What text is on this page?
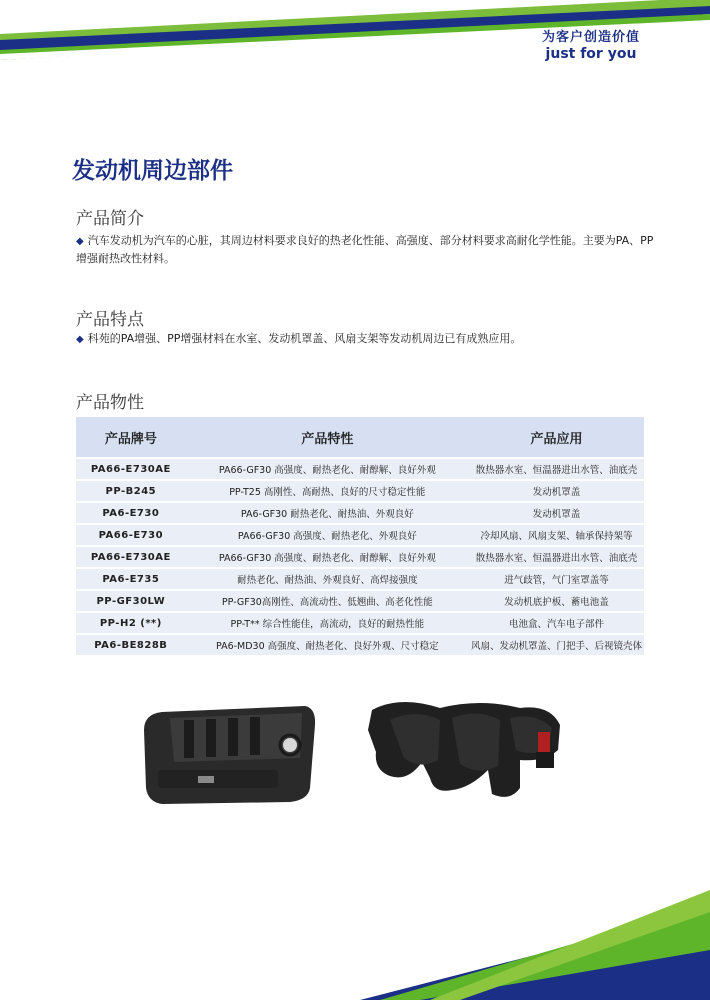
为客户创造价值
just for you
发动机周边部件
产品简介
◆ 汽车发动机为汽车的心脏，其周边材料要求良好的热老化性能、高强度、部分材料要求高耐化学性能。主要为PA、PP增强耐热改性材料。
产品特点
◆ 科苑的PA增强、PP增强材料在水室、发动机罩盖、风扇支架等发动机周边已有成熟应用。
产品物性
产品牌号	产品特性	产品应用
PA66-E730AE	PA66-GF30 高强度、耐热老化、耐醇解、良好外观	散热器水室、恒温器进出水管、油底壳
PP-B245	PP-T25 高刚性、高耐热、良好的尺寸稳定性能	发动机罩盖
PA6-E730	PA6-GF30 耐热老化、耐热油、外观良好	发动机罩盖
PA66-E730	PA66-GF30 高强度、耐热老化、外观良好	冷却风扇、风扇支架、轴承保持架等
PA66-E730AE	PA66-GF30 高强度、耐热老化、耐醇解、良好外观	散热器水室、恒温器进出水管、油底壳
PA6-E735	耐热老化、耐热油、外观良好、高焊接强度	进气歧管，气门室罩盖等
PP-GF30LW	PP-GF30高刚性、高流动性、低翘曲、高老化性能	发动机底护板、蓄电池盖
PP-H2 (**)	PP-T** 综合性能佳，高流动，良好的耐热性能	电池盒、汽车电子部件
PA6-BE828B	PA6-MD30 高强度、耐热老化、良好外观、尺寸稳定	风扇、发动机罩盖、门把手、后视镜壳体
